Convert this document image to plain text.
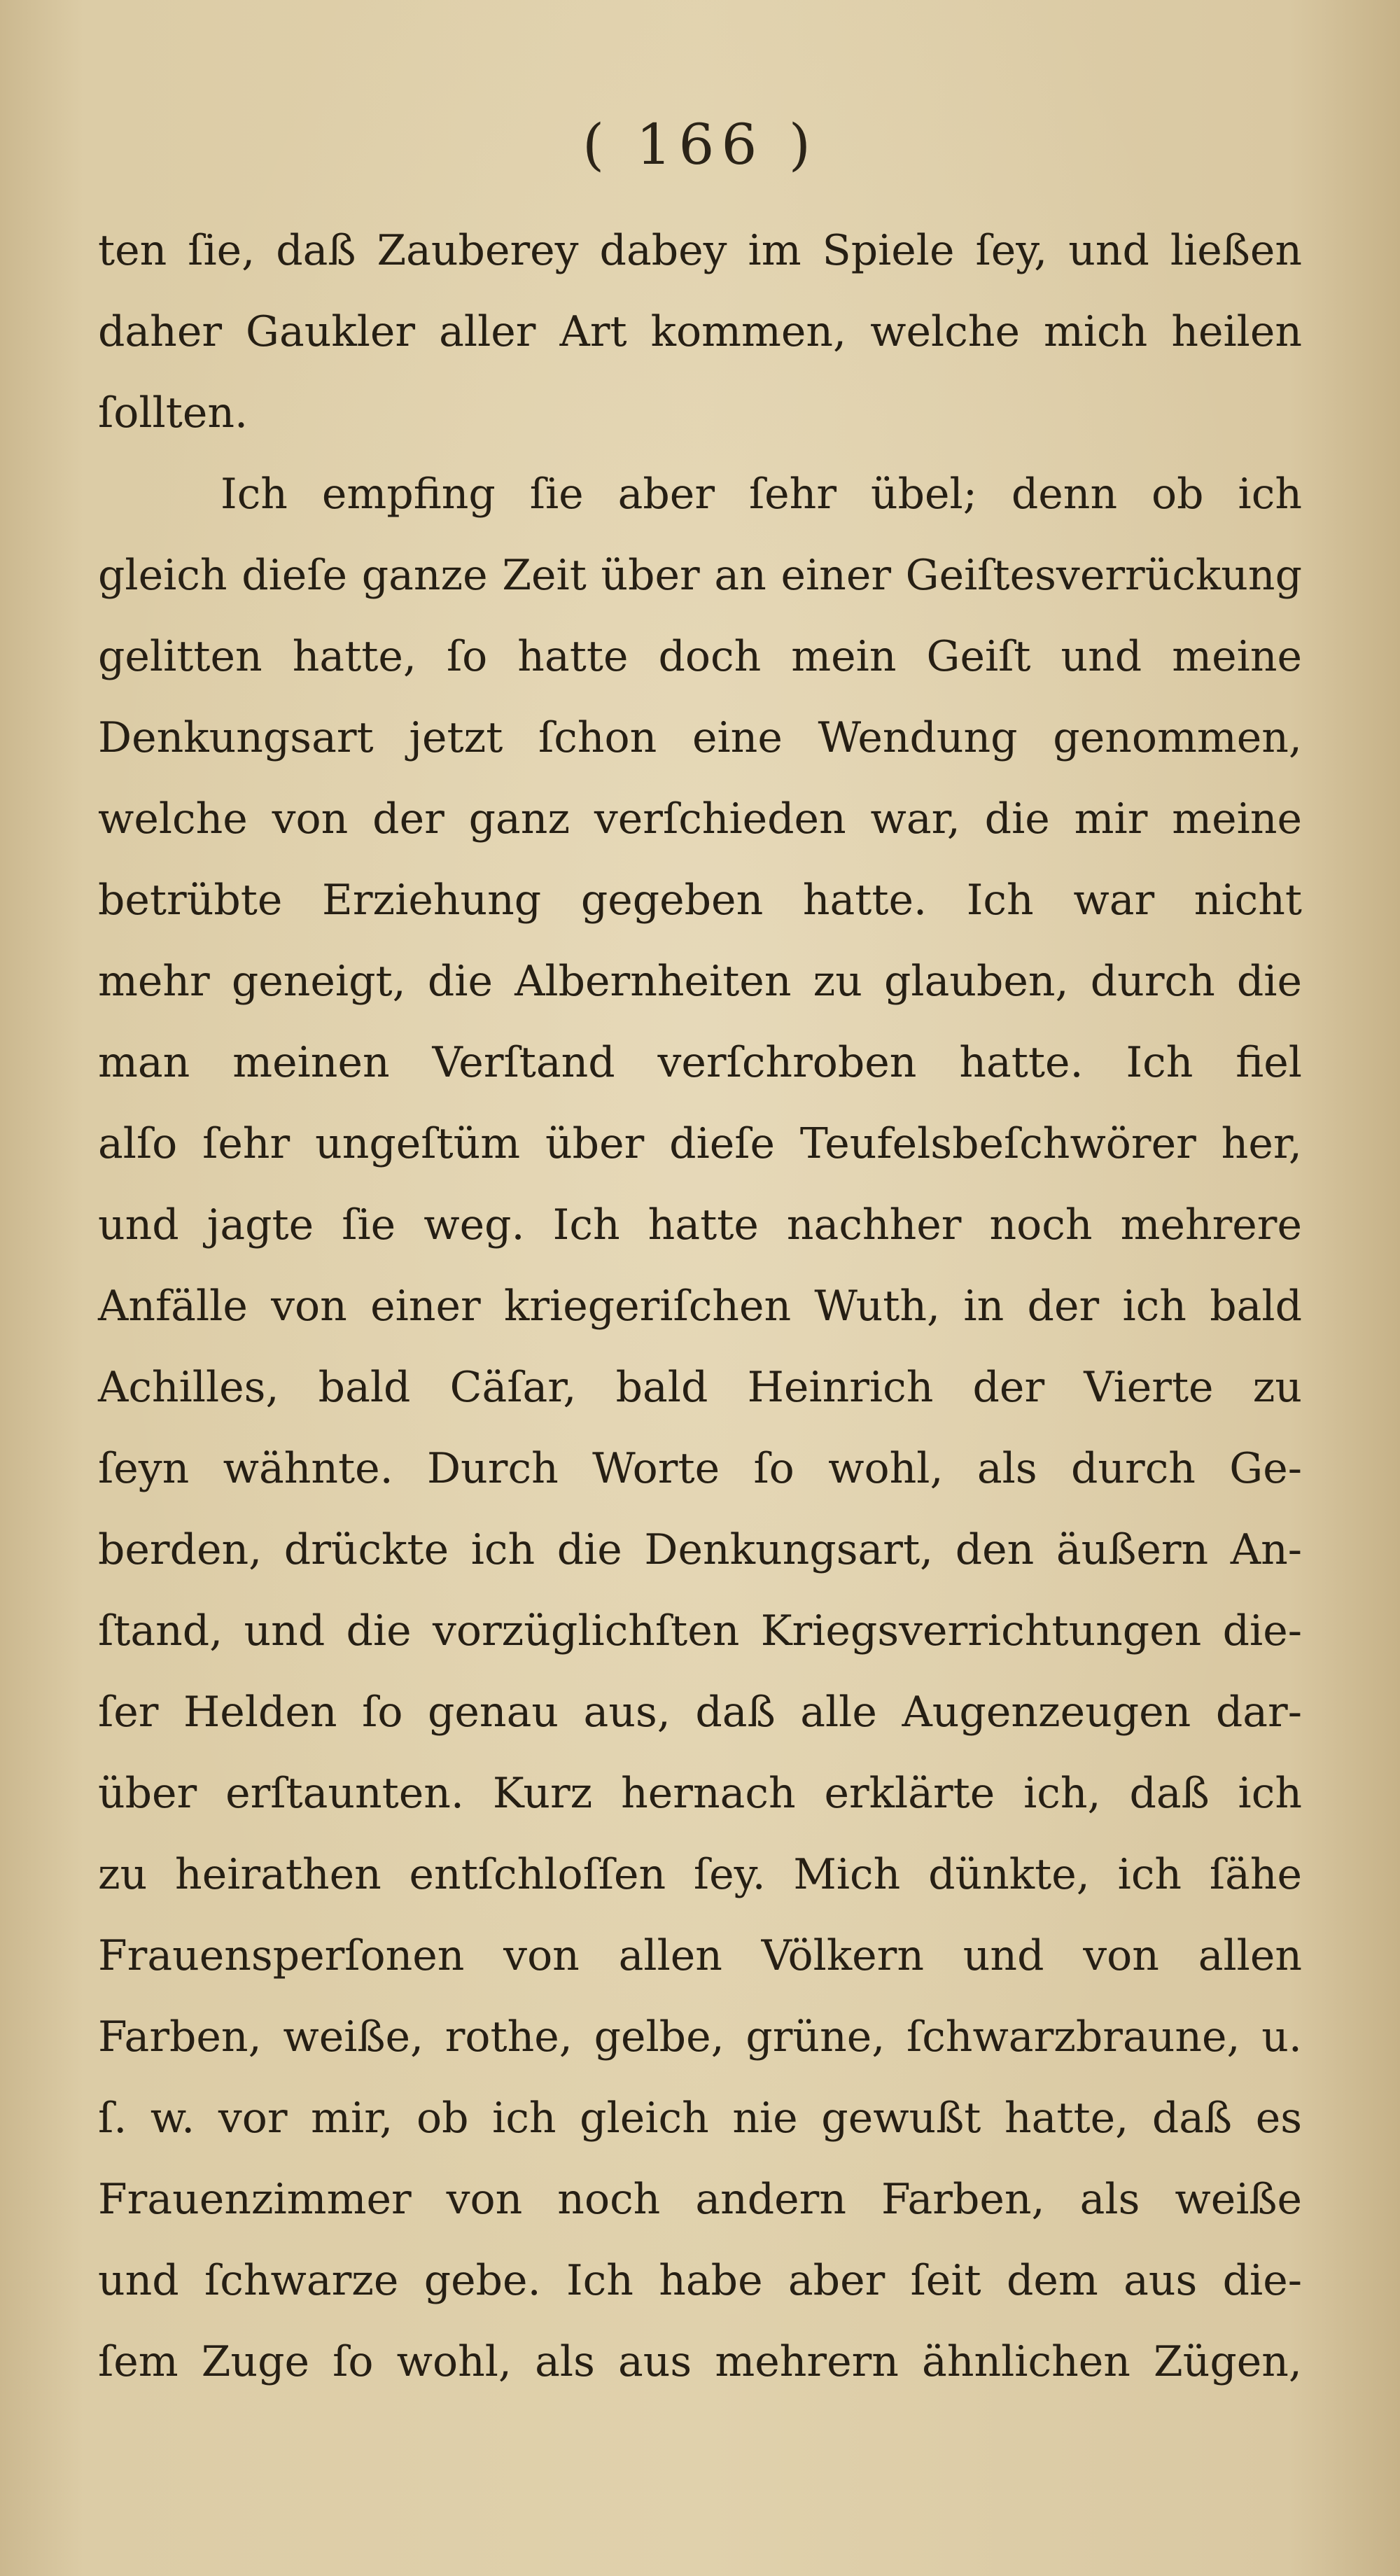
( 166 )
ten ſie, daß Zauberey dabey im Spiele ſey, und ließen
daher Gaukler aller Art kommen, welche mich heilen
ſollten.
Ich empfing ſie aber ſehr übel; denn ob ich
gleich dieſe ganze Zeit über an einer Geiſtesverrückung
gelitten hatte, ſo hatte doch mein Geiſt und meine
Denkungsart jetzt ſchon eine Wendung genommen,
welche von der ganz verſchieden war, die mir meine
betrübte Erziehung gegeben hatte. Ich war nicht
mehr geneigt, die Albernheiten zu glauben, durch die
man meinen Verſtand verſchroben hatte. Ich fiel
alſo ſehr ungeſtüm über dieſe Teufelsbeſchwörer her,
und jagte ſie weg. Ich hatte nachher noch mehrere
Anfälle von einer kriegeriſchen Wuth, in der ich bald
Achilles, bald Cäſar, bald Heinrich der Vierte zu
ſeyn wähnte. Durch Worte ſo wohl, als durch Ge-
berden, drückte ich die Denkungsart, den äußern An-
ſtand, und die vorzüglichſten Kriegsverrichtungen die-
ſer Helden ſo genau aus, daß alle Augenzeugen dar-
über erſtaunten. Kurz hernach erklärte ich, daß ich
zu heirathen entſchloſſen ſey. Mich dünkte, ich ſähe
Frauensperſonen von allen Völkern und von allen
Farben, weiße, rothe, gelbe, grüne, ſchwarzbraune, u.
ſ. w. vor mir, ob ich gleich nie gewußt hatte, daß es
Frauenzimmer von noch andern Farben, als weiße
und ſchwarze gebe. Ich habe aber ſeit dem aus die-
ſem Zuge ſo wohl, als aus mehrern ähnlichen Zügen,
